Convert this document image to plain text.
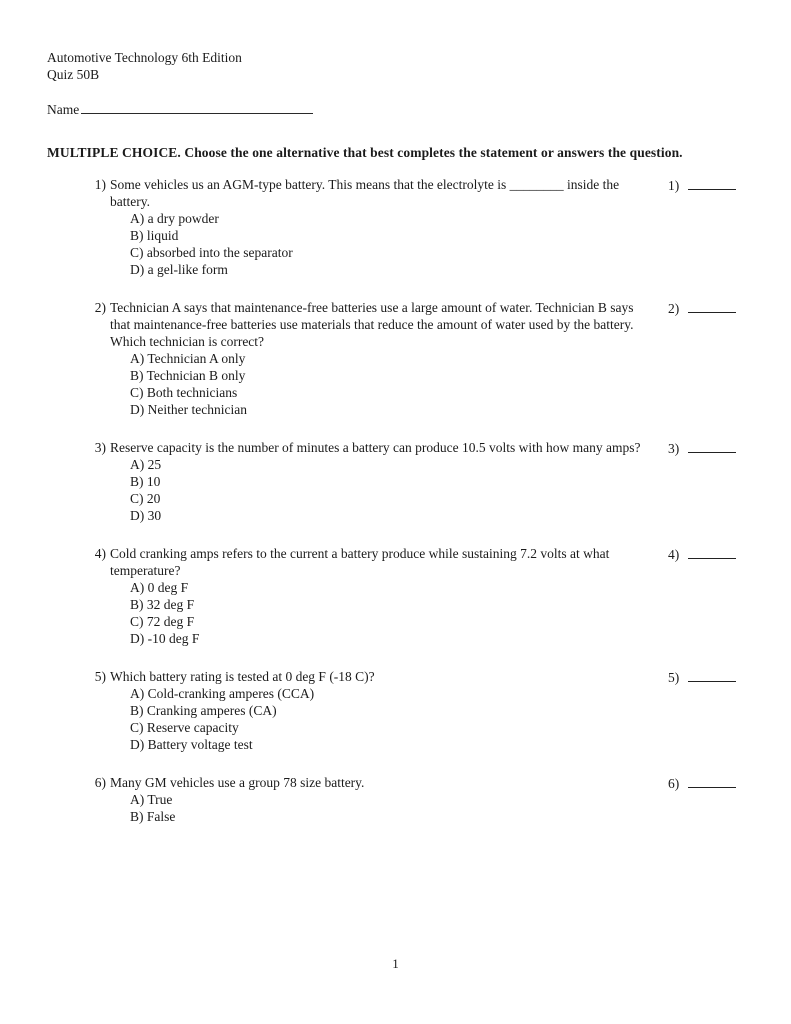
Automotive Technology 6th Edition
Quiz 50B
Name
MULTIPLE CHOICE. Choose the one alternative that best completes the statement or answers the question.
1) Some vehicles us an AGM-type battery. This means that the electrolyte is ________ inside the battery.
A) a dry powder
B) liquid
C) absorbed into the separator
D) a gel-like form
1)
2) Technician A says that maintenance-free batteries use a large amount of water. Technician B says that maintenance-free batteries use materials that reduce the amount of water used by the battery. Which technician is correct?
A) Technician A only
B) Technician B only
C) Both technicians
D) Neither technician
2)
3) Reserve capacity is the number of minutes a battery can produce 10.5 volts with how many amps?
A) 25
B) 10
C) 20
D) 30
3)
4) Cold cranking amps refers to the current a battery produce while sustaining 7.2 volts at what temperature?
A) 0 deg F
B) 32 deg F
C) 72 deg F
D) -10 deg F
4)
5) Which battery rating is tested at 0 deg F (-18 C)?
A) Cold-cranking amperes (CCA)
B) Cranking amperes (CA)
C) Reserve capacity
D) Battery voltage test
5)
6) Many GM vehicles use a group 78 size battery.
A) True
B) False
6)
1
